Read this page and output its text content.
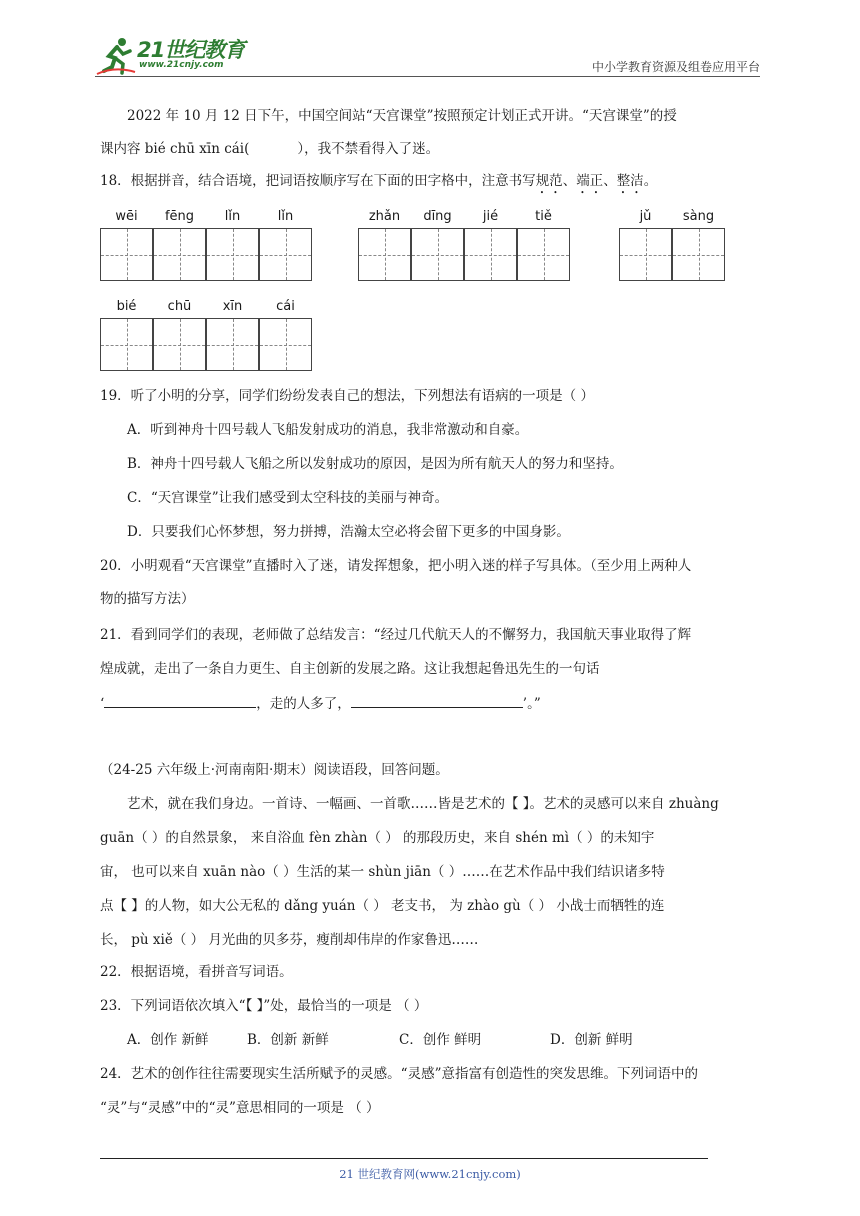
21世纪教育
www.21cnjy.com	中小学教育资源及组卷应用平台
2022 年 10 月 12 日下午，中国空间站“天宫课堂”按照预定计划正式开讲。“天宫课堂”的授
课内容 bié chū xīn cái(	），我不禁看得入了迷。
18．根据拼音，结合语境，把词语按顺序写在下面的田字格中，注意书写规范、端正、整洁。
wēi	fēng	lǐn	lǐn	zhǎn	dīng	jié	tiě	jǔ	sàng
bié	chū	xīn	cái
19．听了小明的分享，同学们纷纷发表自己的想法，下列想法有语病的一项是（ ）
A．听到神舟十四号载人飞船发射成功的消息，我非常激动和自豪。
B．神舟十四号载人飞船之所以发射成功的原因，是因为所有航天人的努力和坚持。
C．“天宫课堂”让我们感受到太空科技的美丽与神奇。
D．只要我们心怀梦想，努力拼搏，浩瀚太空必将会留下更多的中国身影。
20．小明观看“天宫课堂”直播时入了迷，请发挥想象，把小明入迷的样子写具体。（至少用上两种人
物的描写方法）
21．看到同学们的表现，老师做了总结发言：“经过几代航天人的不懈努力，我国航天事业取得了辉
煌成就，走出了一条自力更生、自主创新的发展之路。这让我想起鲁迅先生的一句话
‘	，走的人多了，	’。”
（24-25 六年级上·河南南阳·期末）阅读语段，回答问题。
艺术，就在我们身边。一首诗、一幅画、一首歌……皆是艺术的【 】。艺术的灵感可以来自 zhuàng
guān（ ）的自然景象， 来自浴血 fèn zhàn（ ） 的那段历史，来自 shén mì（ ）的未知宇
宙， 也可以来自 xuān nào（ ）生活的某一 shùn jiān（ ）……在艺术作品中我们结识诸多特
点【 】的人物，如大公无私的 dǎng yuán（ ） 老支书， 为 zhào gù（ ） 小战士而牺牲的连
长， pù xiě（ ） 月光曲的贝多芬，瘦削却伟岸的作家鲁迅……
22．根据语境，看拼音写词语。
23．下列词语依次填入“【 】”处，最恰当的一项是 （ ）
A．创作 新鲜	B．创新 新鲜	C．创作 鲜明	D．创新 鲜明
24．艺术的创作往往需要现实生活所赋予的灵感。“灵感”意指富有创造性的突发思维。下列词语中的
“灵”与“灵感”中的“灵”意思相同的一项是 （ ）
21 世纪教育网(www.21cnjy.com)
